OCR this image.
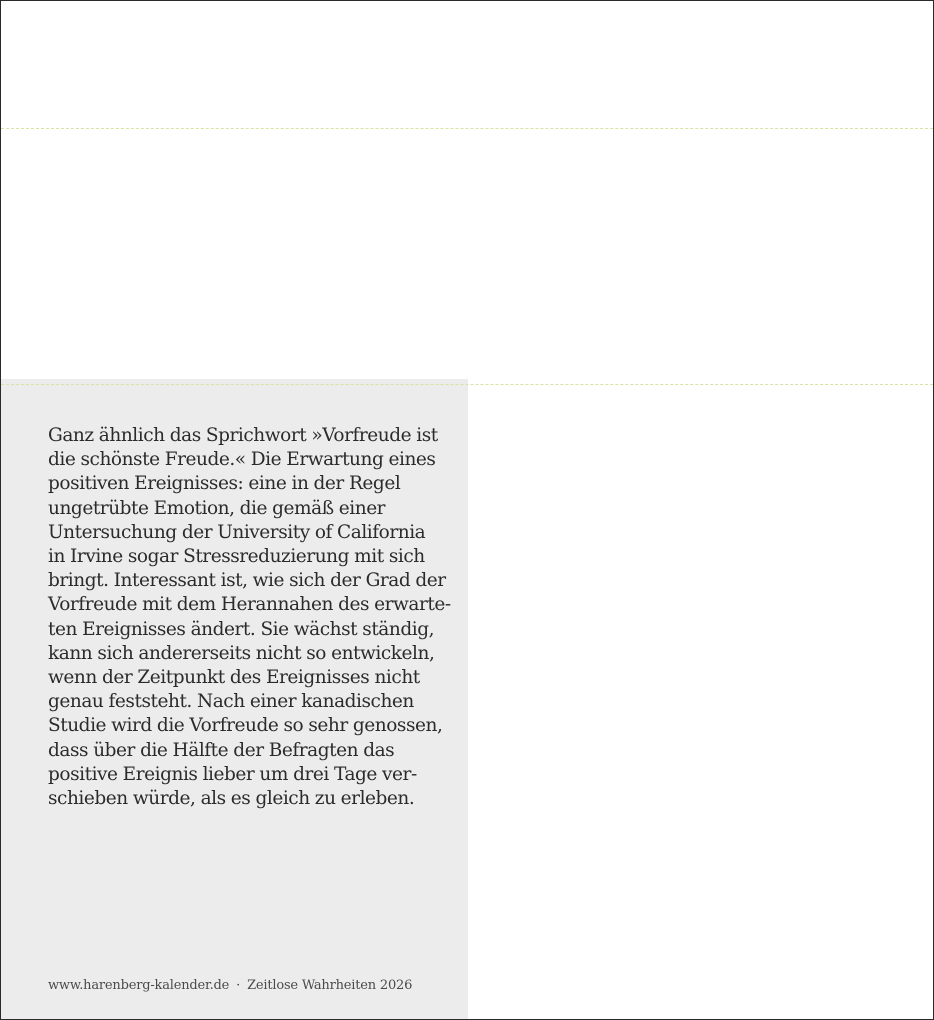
Ganz ähnlich das Sprichwort »Vorfreude ist
die schönste Freude.« Die Erwartung eines
positiven Ereignisses: eine in der Regel
ungetrübte Emotion, die gemäß einer
Untersuchung der University of California
in Irvine sogar Stressreduzierung mit sich
bringt. Interessant ist, wie sich der Grad der
Vorfreude mit dem Herannahen des erwarte-
ten Ereignisses ändert. Sie wächst ständig,
kann sich andererseits nicht so entwickeln,
wenn der Zeitpunkt des Ereignisses nicht
genau feststeht. Nach einer kanadischen
Studie wird die Vorfreude so sehr genossen,
dass über die Hälfte der Befragten das
positive Ereignis lieber um drei Tage ver-
schieben würde, als es gleich zu erleben.

www.harenberg-kalender.de · Zeitlose Wahrheiten 2026
